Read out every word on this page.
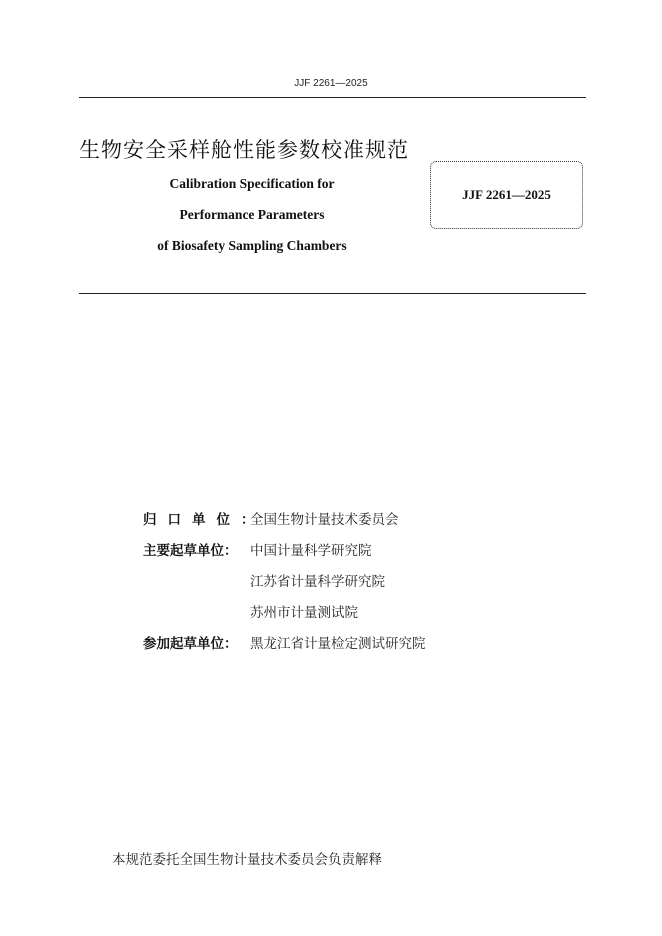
JJF 2261—2025
生物安全采样舱性能参数校准规范
Calibration Specification for
Performance Parameters
of Biosafety Sampling Chambers
JJF 2261—2025
归口单位：
全国生物计量技术委员会
主要起草单位： 中国计量科学研究院
江苏省计量科学研究院
苏州市计量测试院
参加起草单位： 黑龙江省计量检定测试研究院
本规范委托全国生物计量技术委员会负责解释
